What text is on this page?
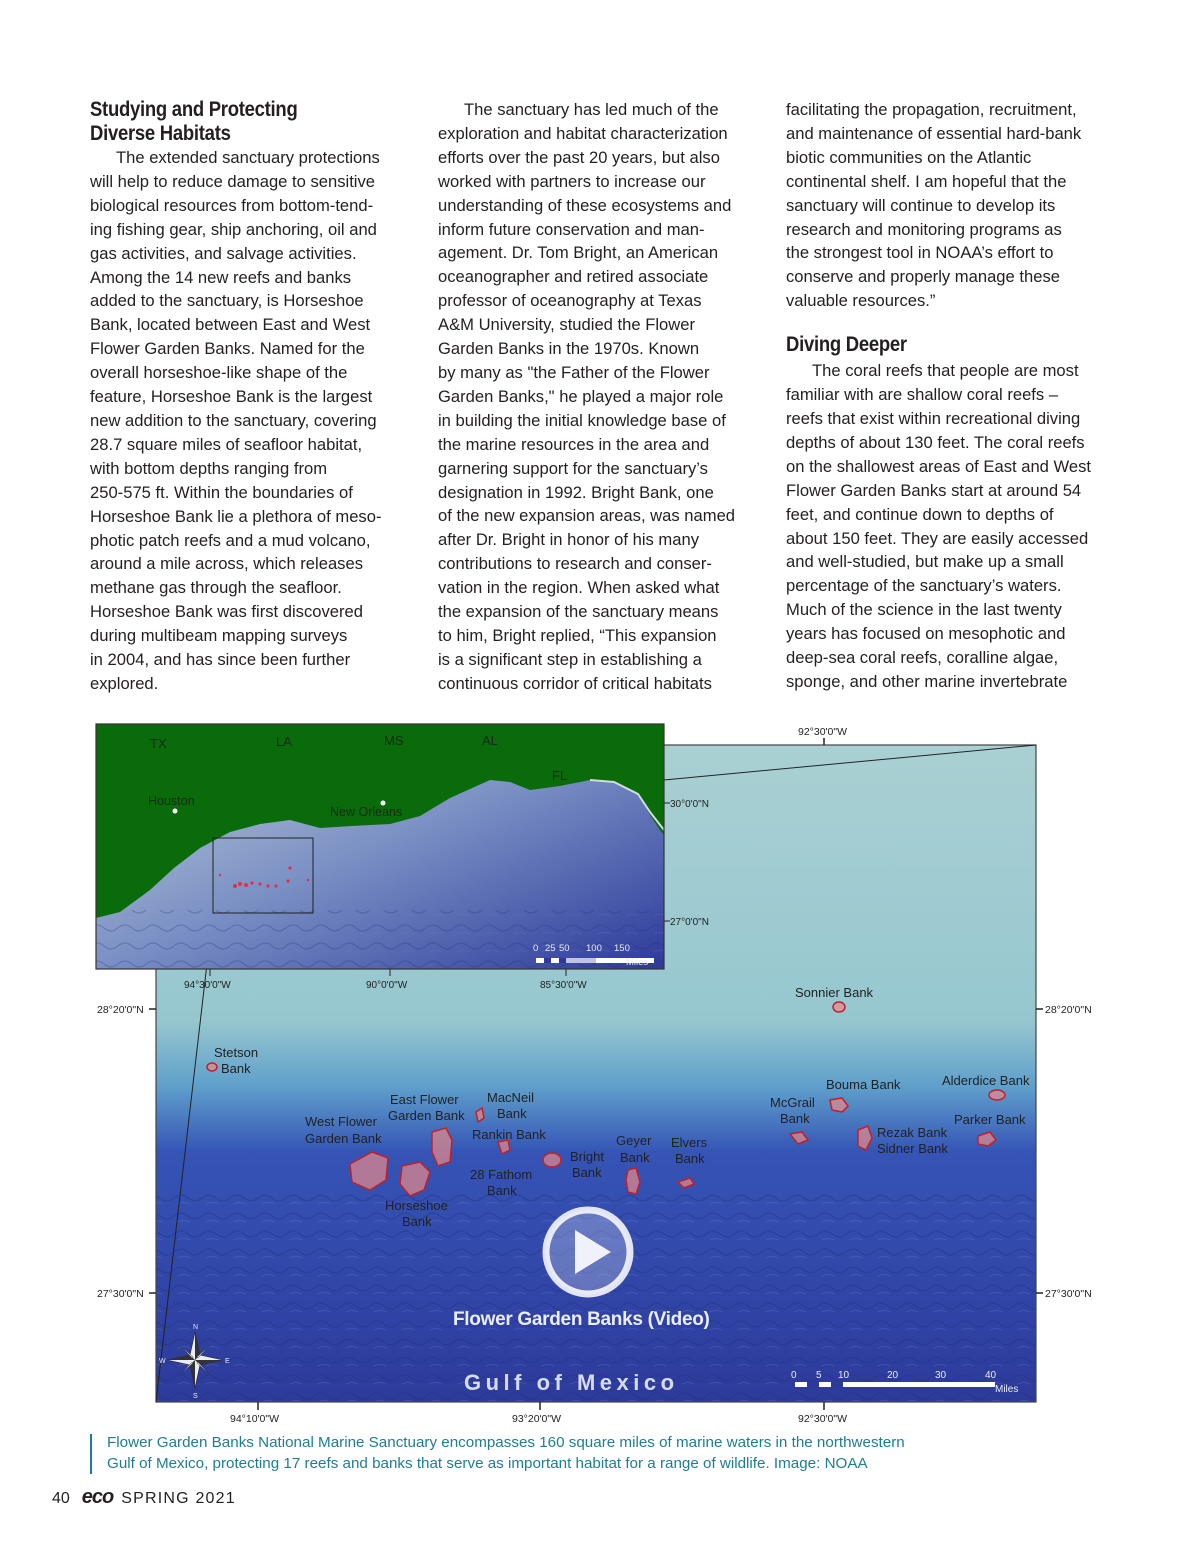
Studying and Protecting
Diverse Habitats
The extended sanctuary protections
will help to reduce damage to sensitive
biological resources from bottom-tend-
ing fishing gear, ship anchoring, oil and
gas activities, and salvage activities.
Among the 14 new reefs and banks
added to the sanctuary, is Horseshoe
Bank, located between East and West
Flower Garden Banks. Named for the
overall horseshoe-like shape of the
feature, Horseshoe Bank is the largest
new addition to the sanctuary, covering
28.7 square miles of seafloor habitat,
with bottom depths ranging from
250-575 ft. Within the boundaries of
Horseshoe Bank lie a plethora of meso-
photic patch reefs and a mud volcano,
around a mile across, which releases
methane gas through the seafloor.
Horseshoe Bank was first discovered
during multibeam mapping surveys
in 2004, and has since been further
explored.
The sanctuary has led much of the
exploration and habitat characterization
efforts over the past 20 years, but also
worked with partners to increase our
understanding of these ecosystems and
inform future conservation and man-
agement. Dr. Tom Bright, an American
oceanographer and retired associate
professor of oceanography at Texas
A&M University, studied the Flower
Garden Banks in the 1970s. Known
by many as "the Father of the Flower
Garden Banks," he played a major role
in building the initial knowledge base of
the marine resources in the area and
garnering support for the sanctuary’s
designation in 1992. Bright Bank, one
of the new expansion areas, was named
after Dr. Bright in honor of his many
contributions to research and conser-
vation in the region. When asked what
the expansion of the sanctuary means
to him, Bright replied, “This expansion
is a significant step in establishing a
continuous corridor of critical habitats
facilitating the propagation, recruitment,
and maintenance of essential hard-bank
biotic communities on the Atlantic
continental shelf. I am hopeful that the
sanctuary will continue to develop its
research and monitoring programs as
the strongest tool in NOAA’s effort to
conserve and properly manage these
valuable resources.”
Diving Deeper
The coral reefs that people are most
familiar with are shallow coral reefs –
reefs that exist within recreational diving
depths of about 130 feet. The coral reefs
on the shallowest areas of East and West
Flower Garden Banks start at around 54
feet, and continue down to depths of
about 150 feet. They are easily accessed
and well-studied, but make up a small
percentage of the sanctuary’s waters.
Much of the science in the last twenty
years has focused on mesophotic and
deep-sea coral reefs, coralline algae,
sponge, and other marine invertebrate
92°30'0"W
94°10'0"W	93°20'0"W	92°30'0"W
28°20'0"N
27°30'0"N
28°20'0"N
27°30'0"N
Sonnier Bank
Stetson
Bank
East Flower
Garden Bank
MacNeil
Bank
West Flower
Garden Bank	Rankin Bank	Geyer
Bank
Elvers
Bank
Bright
Bank
28 Fathom
Bank
Horseshoe
Bank
Bouma Bank	Alderdice Bank
McGrail
Bank
Rezak Bank
Sidner Bank
Parker Bank
TX	LA	MS	AL
FL
Houston
New Orleans
30°0'0"N
27°0'0"N
94°30'0"W	90°0'0"W	85°30'0"W
0 25 50 100 150
Miles
Flower Garden Banks (Video)
N
E
S
W
Gulf of Mexico	0 5 10	20	30	40
Miles
Flower Garden Banks National Marine Sanctuary encompasses 160 square miles of marine waters in the northwestern
Gulf of Mexico, protecting 17 reefs and banks that serve as important habitat for a range of wildlife. Image: NOAA
40 eco SPRING 2021
